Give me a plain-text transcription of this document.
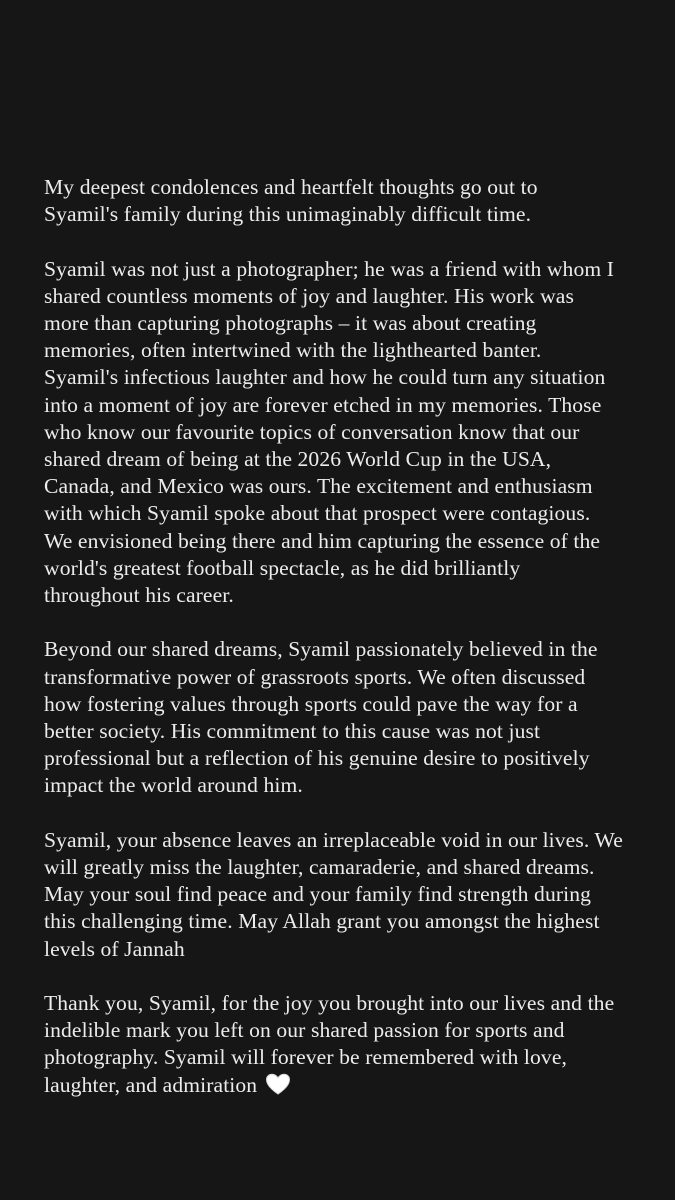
My deepest condolences and heartfelt thoughts go out to
Syamil's family during this unimaginably difficult time.

Syamil was not just a photographer; he was a friend with whom I
shared countless moments of joy and laughter. His work was
more than capturing photographs – it was about creating
memories, often intertwined with the lighthearted banter.
Syamil's infectious laughter and how he could turn any situation
into a moment of joy are forever etched in my memories. Those
who know our favourite topics of conversation know that our
shared dream of being at the 2026 World Cup in the USA,
Canada, and Mexico was ours. The excitement and enthusiasm
with which Syamil spoke about that prospect were contagious.
We envisioned being there and him capturing the essence of the
world's greatest football spectacle, as he did brilliantly
throughout his career.

Beyond our shared dreams, Syamil passionately believed in the
transformative power of grassroots sports. We often discussed
how fostering values through sports could pave the way for a
better society. His commitment to this cause was not just
professional but a reflection of his genuine desire to positively
impact the world around him.

Syamil, your absence leaves an irreplaceable void in our lives. We
will greatly miss the laughter, camaraderie, and shared dreams.
May your soul find peace and your family find strength during
this challenging time. May Allah grant you amongst the highest
levels of Jannah

Thank you, Syamil, for the joy you brought into our lives and the
indelible mark you left on our shared passion for sports and
photography. Syamil will forever be remembered with love,
laughter, and admiration
